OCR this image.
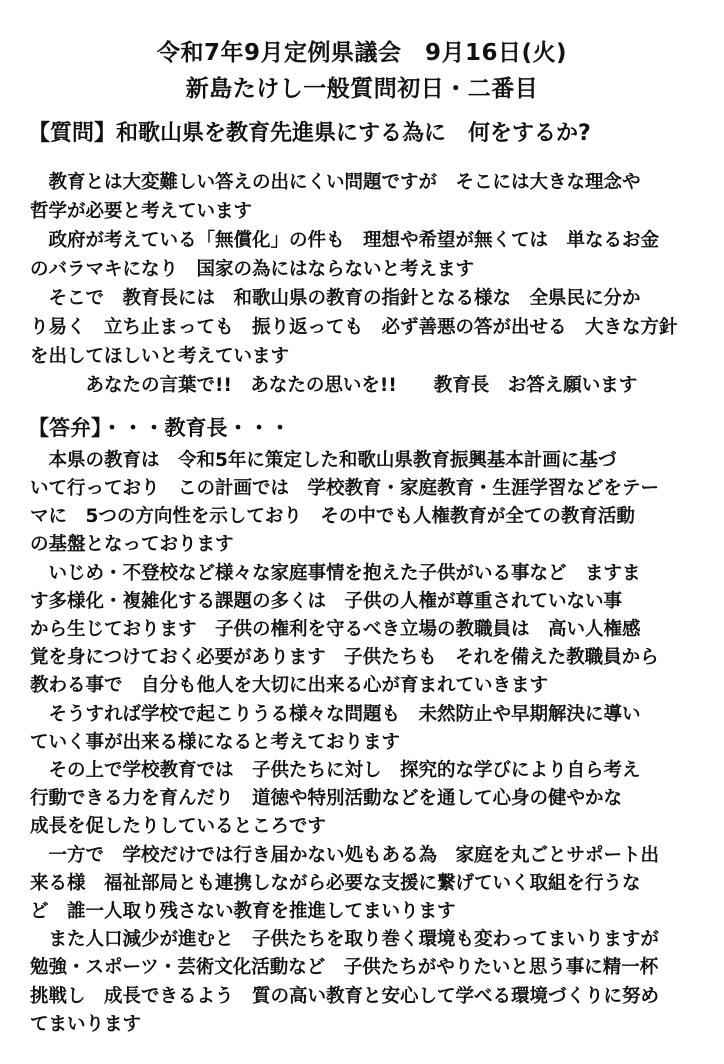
令和7年9月定例県議会　9月16日(火)
新島たけし一般質問初日・二番目
【質問】和歌山県を教育先進県にする為に　何をするか?
　教育とは大変難しい答えの出にくい問題ですが　そこには大きな理念や
哲学が必要と考えています
　政府が考えている「無償化」の件も　理想や希望が無くては　単なるお金
のバラマキになり　国家の為にはならないと考えます
　そこで　教育長には　和歌山県の教育の指針となる様な　全県民に分か
り易く　立ち止まっても　振り返っても　必ず善悪の答が出せる　大きな方針
を出してほしいと考えています
　　　あなたの言葉で!!　あなたの思いを!!　　教育長　お答え願います
【答弁】・・・教育長・・・
　本県の教育は　令和5年に策定した和歌山県教育振興基本計画に基づ
いて行っており　この計画では　学校教育・家庭教育・生涯学習などをテー
マに　5つの方向性を示しており　その中でも人権教育が全ての教育活動
の基盤となっております
　いじめ・不登校など様々な家庭事情を抱えた子供がいる事など　ますま
す多様化・複雑化する課題の多くは　子供の人権が尊重されていない事
から生じております　子供の権利を守るべき立場の教職員は　高い人権感
覚を身につけておく必要があります　子供たちも　それを備えた教職員から
教わる事で　自分も他人を大切に出来る心が育まれていきます
　そうすれば学校で起こりうる様々な問題も　未然防止や早期解決に導い
ていく事が出来る様になると考えております
　その上で学校教育では　子供たちに対し　探究的な学びにより自ら考え
行動できる力を育んだり　道徳や特別活動などを通して心身の健やかな
成長を促したりしているところです
　一方で　学校だけでは行き届かない処もある為　家庭を丸ごとサポート出
来る様　福祉部局とも連携しながら必要な支援に繋げていく取組を行うな
ど　誰一人取り残さない教育を推進してまいります
　また人口減少が進むと　子供たちを取り巻く環境も変わってまいりますが
勉強・スポーツ・芸術文化活動など　子供たちがやりたいと思う事に精一杯
挑戦し　成長できるよう　質の高い教育と安心して学べる環境づくりに努め
てまいります
